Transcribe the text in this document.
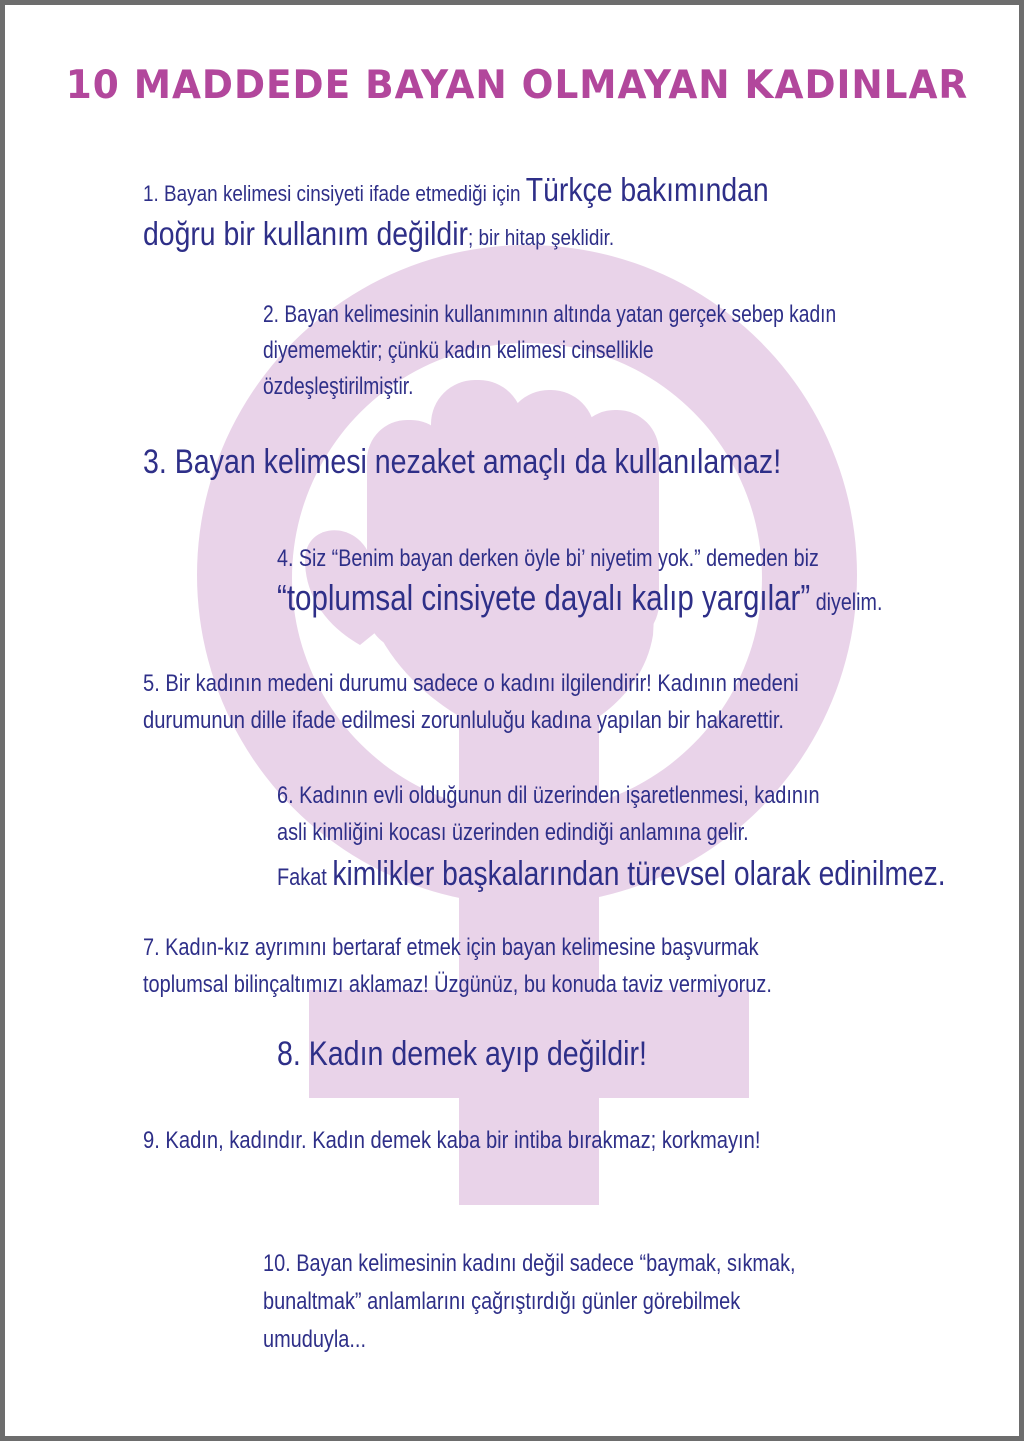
10 MADDEDE BAYAN OLMAYAN KADINLAR
1. Bayan kelimesi cinsiyeti ifade etmediği için Türkçe bakımından
doğru bir kullanım değildir; bir hitap şeklidir.
2. Bayan kelimesinin kullanımının altında yatan gerçek sebep kadın
diyememektir; çünkü kadın kelimesi cinsellikle
özdeşleştirilmiştir.
3. Bayan kelimesi nezaket amaçlı da kullanılamaz!
4. Siz “Benim bayan derken öyle bi’ niyetim yok.” demeden biz
“toplumsal cinsiyete dayalı kalıp yargılar” diyelim.
5. Bir kadının medeni durumu sadece o kadını ilgilendirir! Kadının medeni
durumunun dille ifade edilmesi zorunluluğu kadına yapılan bir hakarettir.
6. Kadının evli olduğunun dil üzerinden işaretlenmesi, kadının
asli kimliğini kocası üzerinden edindiği anlamına gelir.
Fakat kimlikler başkalarından türevsel olarak edinilmez.
7. Kadın-kız ayrımını bertaraf etmek için bayan kelimesine başvurmak
toplumsal bilinçaltımızı aklamaz! Üzgünüz, bu konuda taviz vermiyoruz.
8. Kadın demek ayıp değildir!
9. Kadın, kadındır. Kadın demek kaba bir intiba bırakmaz; korkmayın!
10. Bayan kelimesinin kadını değil sadece “baymak, sıkmak,
bunaltmak” anlamlarını çağrıştırdığı günler görebilmek
umuduyla...
